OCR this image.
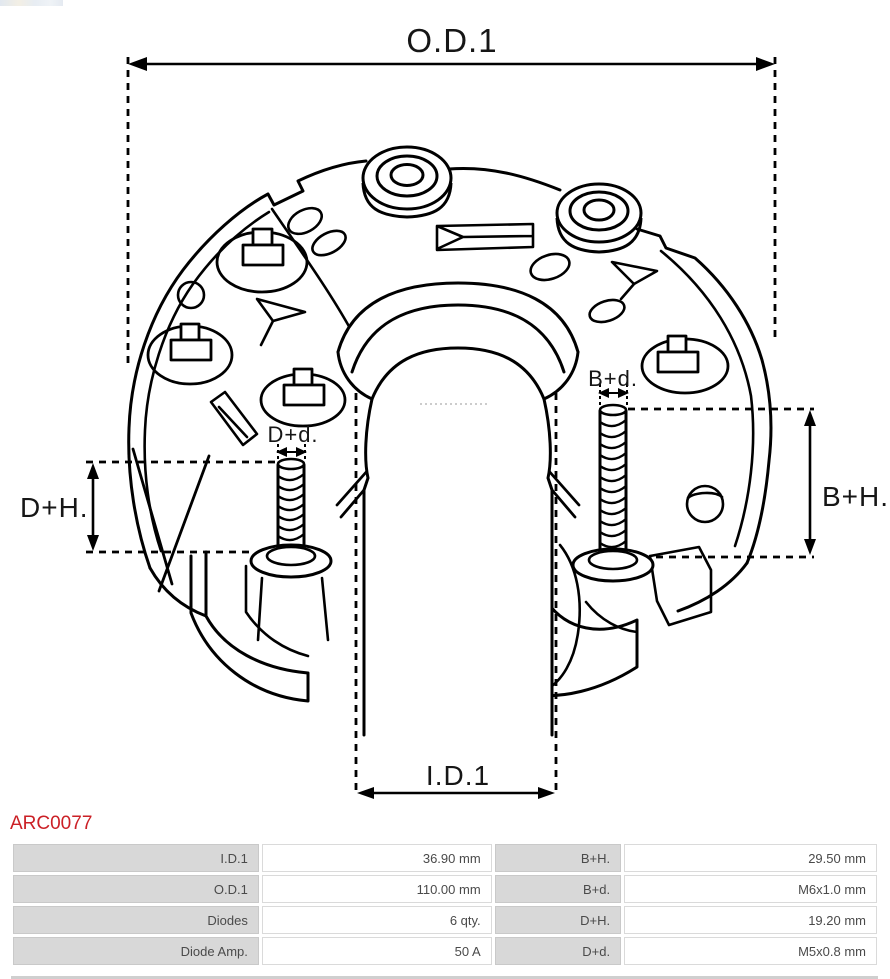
O.D.1
I.D.1
D+H.	B+H.
D+d.
B+d.
ARC0077
I.D.1	36.90 mm	B+H.	29.50 mm
O.D.1	110.00 mm	B+d.	M6x1.0 mm
Diodes	6 qty.	D+H.	19.20 mm
Diode Amp.	50 A	D+d.	M5x0.8 mm
